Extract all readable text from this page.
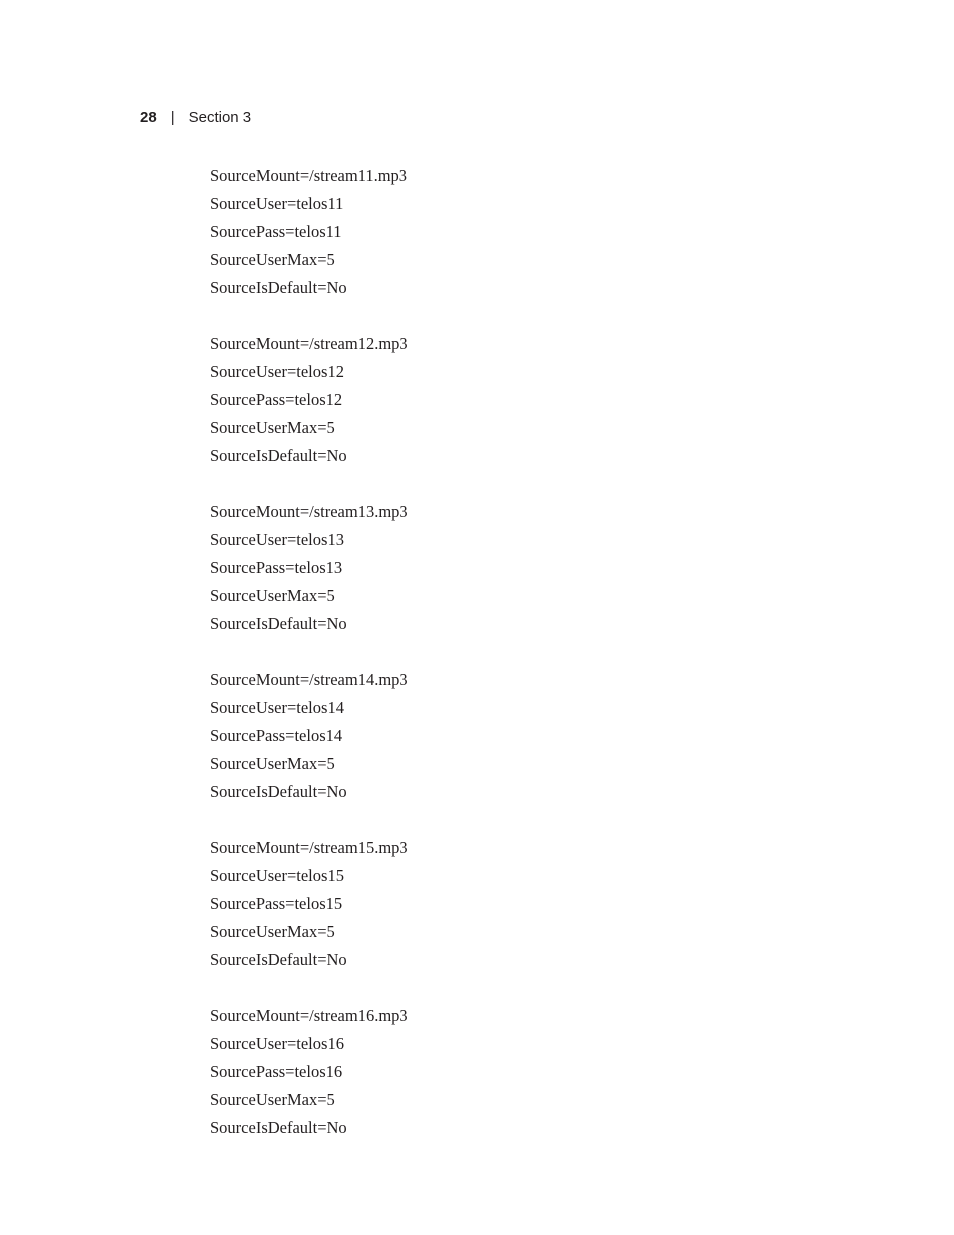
28 | Section 3
SourceMount=/stream11.mp3
SourceUser=telos11
SourcePass=telos11
SourceUserMax=5
SourceIsDefault=No
SourceMount=/stream12.mp3
SourceUser=telos12
SourcePass=telos12
SourceUserMax=5
SourceIsDefault=No
SourceMount=/stream13.mp3
SourceUser=telos13
SourcePass=telos13
SourceUserMax=5
SourceIsDefault=No
SourceMount=/stream14.mp3
SourceUser=telos14
SourcePass=telos14
SourceUserMax=5
SourceIsDefault=No
SourceMount=/stream15.mp3
SourceUser=telos15
SourcePass=telos15
SourceUserMax=5
SourceIsDefault=No
SourceMount=/stream16.mp3
SourceUser=telos16
SourcePass=telos16
SourceUserMax=5
SourceIsDefault=No
